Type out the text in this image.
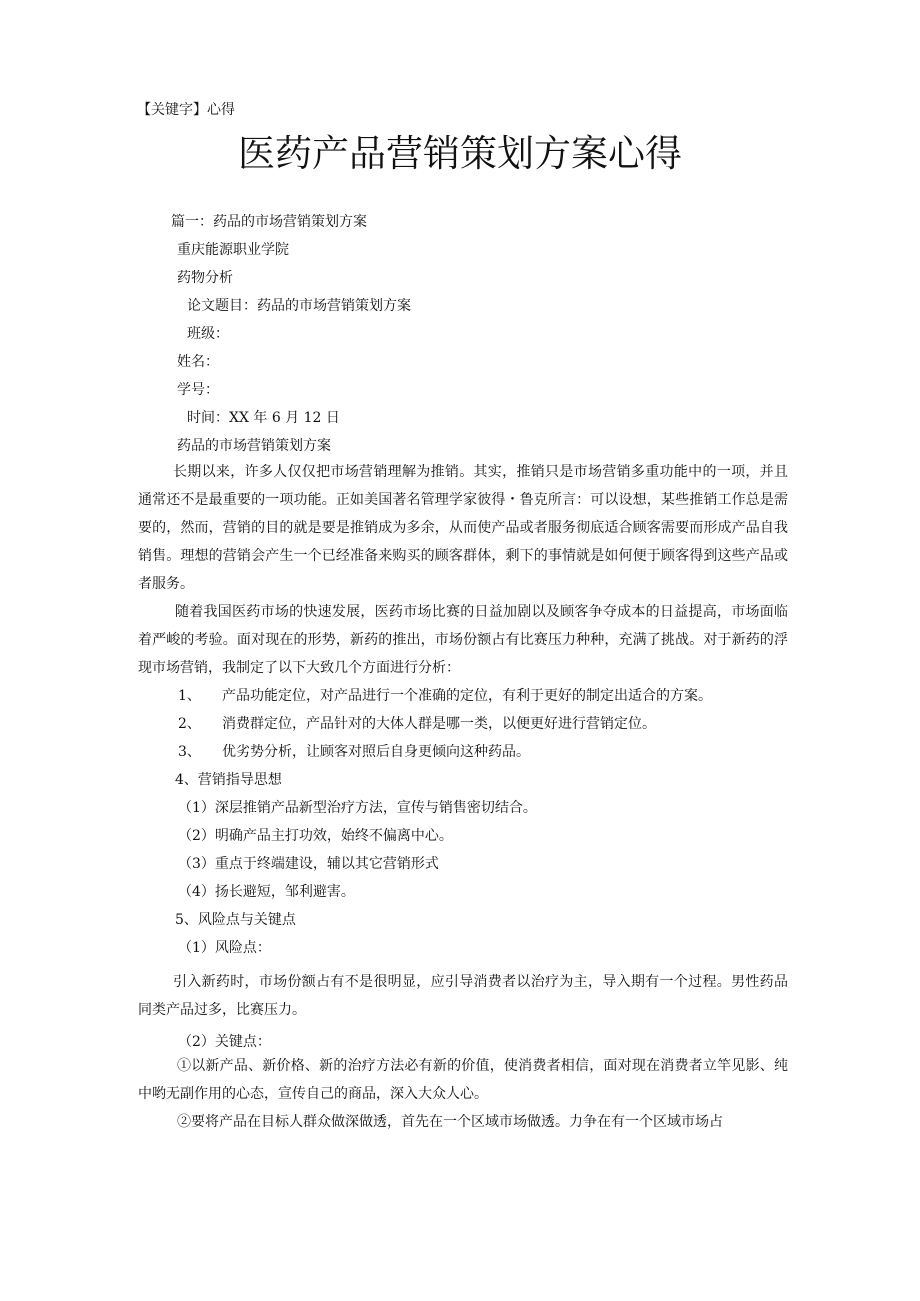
【关键字】心得
医药产品营销策划方案心得
篇一：药品的市场营销策划方案
重庆能源职业学院
药物分析
论文题目：药品的市场营销策划方案
班级：
姓名：
学号：
时间：XX 年 6 月 12 日
药品的市场营销策划方案

长期以来，许多人仅仅把市场营销理解为推销。其实，推销只是市场营销多重功能中的一项，并且通常还不是最重要的一项功能。正如美国著名管理学家彼得・鲁克所言：可以设想，某些推销工作总是需要的，然而，营销的目的就是要是推销成为多余，从而使产品或者服务彻底适合顾客需要而形成产品自我销售。理想的营销会产生一个已经准备来购买的顾客群体，剩下的事情就是如何便于顾客得到这些产品或者服务。

随着我国医药市场的快速发展，医药市场比赛的日益加剧以及顾客争夺成本的日益提高，市场面临着严峻的考验。面对现在的形势，新药的推出，市场份额占有比赛压力种种，充满了挑战。对于新药的浮现市场营销，我制定了以下大致几个方面进行分析：

1、 产品功能定位，对产品进行一个准确的定位，有利于更好的制定出适合的方案。
2、 消费群定位，产品针对的大体人群是哪一类，以便更好进行营销定位。
3、 优劣势分析，让顾客对照后自身更倾向这种药品。
4、营销指导思想
（1）深层推销产品新型治疗方法，宣传与销售密切结合。
（2）明确产品主打功效，始终不偏离中心。
（3）重点于终端建设，辅以其它营销形式
（4）扬长避短，邹利避害。
5、风险点与关键点
（1）风险点：

引入新药时，市场份额占有不是很明显，应引导消费者以治疗为主，导入期有一个过程。男性药品同类产品过多，比赛压力。

（2）关键点：

①以新产品、新价格、新的治疗方法必有新的价值，使消费者相信，面对现在消费者立竿见影、纯中哟无副作用的心态，宣传自己的商品，深入大众人心。

②要将产品在目标人群众做深做透，首先在一个区域市场做透。力争在有一个区域市场占
